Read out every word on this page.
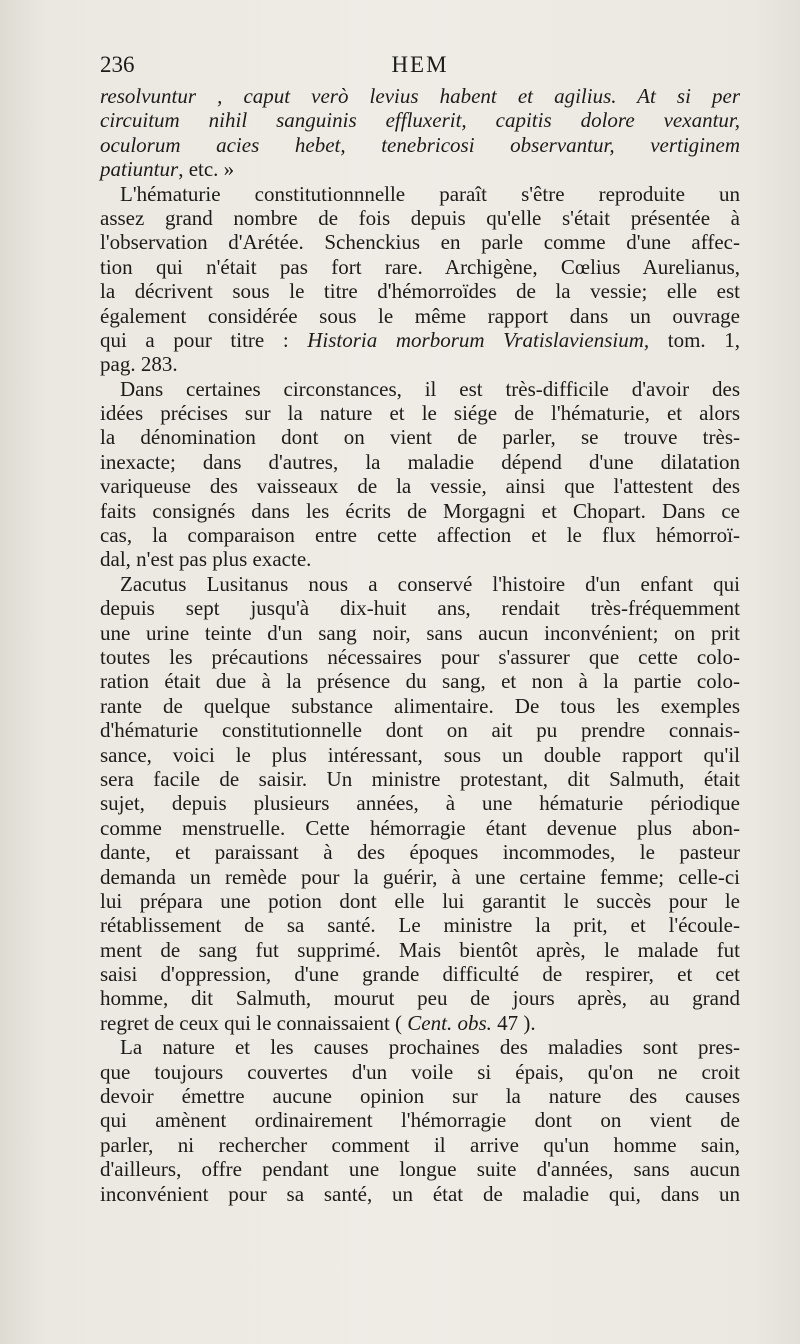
236	HEM
resolvuntur , caput verò levius habent et agilius. At si per
circuitum nihil sanguinis effluxerit, capitis dolore vexantur,
oculorum acies hebet, tenebricosi observantur, vertiginem
patiuntur, etc. »
L'hématurie constitutionnnelle paraît s'être reproduite un
assez grand nombre de fois depuis qu'elle s'était présentée à
l'observation d'Arétée. Schenckius en parle comme d'une affec-
tion qui n'était pas fort rare. Archigène, Cœlius Aurelianus,
la décrivent sous le titre d'hémorroïdes de la vessie; elle est
également considérée sous le même rapport dans un ouvrage
qui a pour titre : Historia morborum Vratislaviensium, tom. 1,
pag. 283.
Dans certaines circonstances, il est très-difficile d'avoir des
idées précises sur la nature et le siége de l'hématurie, et alors
la dénomination dont on vient de parler, se trouve très-
inexacte; dans d'autres, la maladie dépend d'une dilatation
variqueuse des vaisseaux de la vessie, ainsi que l'attestent des
faits consignés dans les écrits de Morgagni et Chopart. Dans ce
cas, la comparaison entre cette affection et le flux hémorroï-
dal, n'est pas plus exacte.
Zacutus Lusitanus nous a conservé l'histoire d'un enfant qui
depuis sept jusqu'à dix-huit ans, rendait très-fréquemment
une urine teinte d'un sang noir, sans aucun inconvénient; on prit
toutes les précautions nécessaires pour s'assurer que cette colo-
ration était due à la présence du sang, et non à la partie colo-
rante de quelque substance alimentaire. De tous les exemples
d'hématurie constitutionnelle dont on ait pu prendre connais-
sance, voici le plus intéressant, sous un double rapport qu'il
sera facile de saisir. Un ministre protestant, dit Salmuth, était
sujet, depuis plusieurs années, à une hématurie périodique
comme menstruelle. Cette hémorragie étant devenue plus abon-
dante, et paraissant à des époques incommodes, le pasteur
demanda un remède pour la guérir, à une certaine femme; celle-ci
lui prépara une potion dont elle lui garantit le succès pour le
rétablissement de sa santé. Le ministre la prit, et l'écoule-
ment de sang fut supprimé. Mais bientôt après, le malade fut
saisi d'oppression, d'une grande difficulté de respirer, et cet
homme, dit Salmuth, mourut peu de jours après, au grand
regret de ceux qui le connaissaient ( Cent. obs. 47 ).
La nature et les causes prochaines des maladies sont pres-
que toujours couvertes d'un voile si épais, qu'on ne croit
devoir émettre aucune opinion sur la nature des causes
qui amènent ordinairement l'hémorragie dont on vient de
parler, ni rechercher comment il arrive qu'un homme sain,
d'ailleurs, offre pendant une longue suite d'années, sans aucun
inconvénient pour sa santé, un état de maladie qui, dans un
